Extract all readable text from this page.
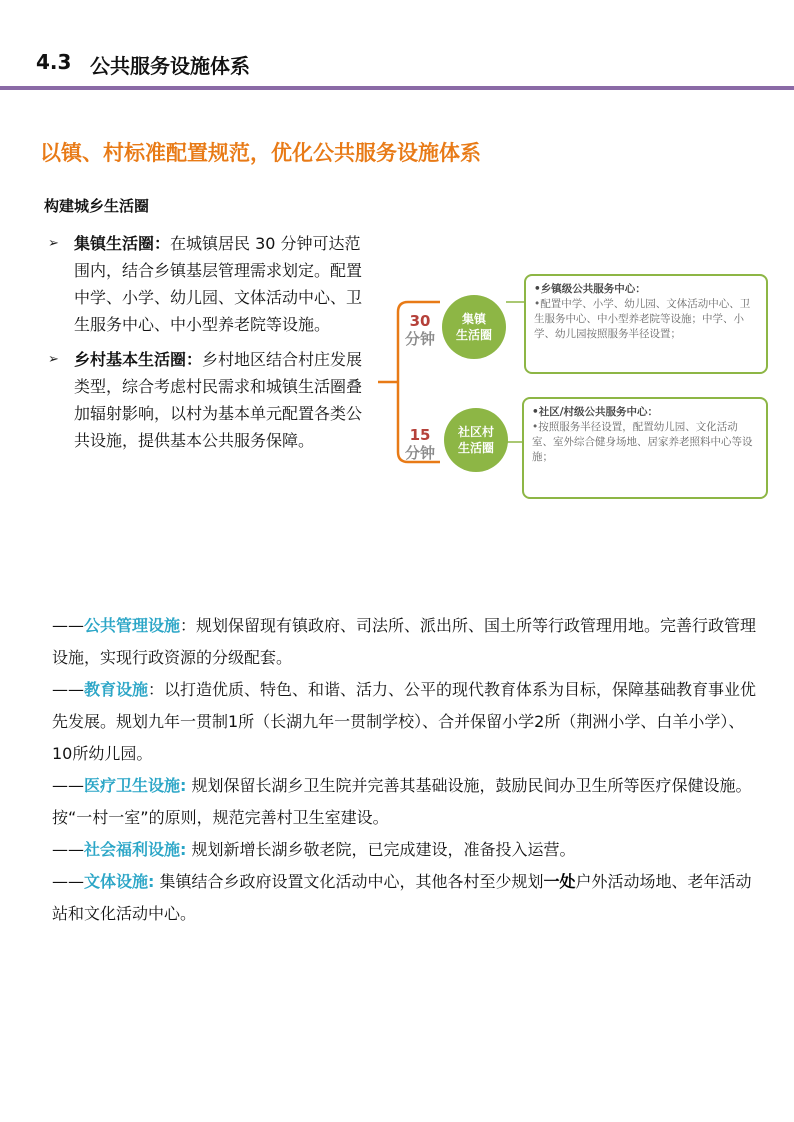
4.3 公共服务设施体系
以镇、村标准配置规范，优化公共服务设施体系
构建城乡生活圈
➢ 集镇生活圈：在城镇居民 30 分钟可达范围内，结合乡镇基层管理需求划定。配置中学、小学、幼儿园、文体活动中心、卫生服务中心、中小型养老院等设施。
➢ 乡村基本生活圈：乡村地区结合村庄发展类型，综合考虑村民需求和城镇生活圈叠加辐射影响，以村为基本单元配置各类公共设施，提供基本公共服务保障。
30
分钟
集镇
生活圈
•乡镇级公共服务中心：
•配置中学、小学、幼儿园、文体活动中心、卫生服务中心、中小型养老院等设施；中学、小学、幼儿园按照服务半径设置；
15
分钟
社区村
生活圈
•社区/村级公共服务中心：
•按照服务半径设置，配置幼儿园、文化活动室、室外综合健身场地、居家养老照料中心等设施；

——公共管理设施：规划保留现有镇政府、司法所、派出所、国土所等行政管理用地。完善行政管理设施，实现行政资源的分级配套。

——教育设施：以打造优质、特色、和谐、活力、公平的现代教育体系为目标，保障基础教育事业优先发展。规划九年一贯制1所（长湖九年一贯制学校）、合并保留小学2所（荆洲小学、白羊小学）、10所幼儿园。

——医疗卫生设施: 规划保留长湖乡卫生院并完善其基础设施，鼓励民间办卫生所等医疗保健设施。按“一村一室”的原则，规范完善村卫生室建设。

——社会福利设施: 规划新增长湖乡敬老院，已完成建设，准备投入运营。

——文体设施: 集镇结合乡政府设置文化活动中心，其他各村至少规划一处户外活动场地、老年活动站和文化活动中心。
